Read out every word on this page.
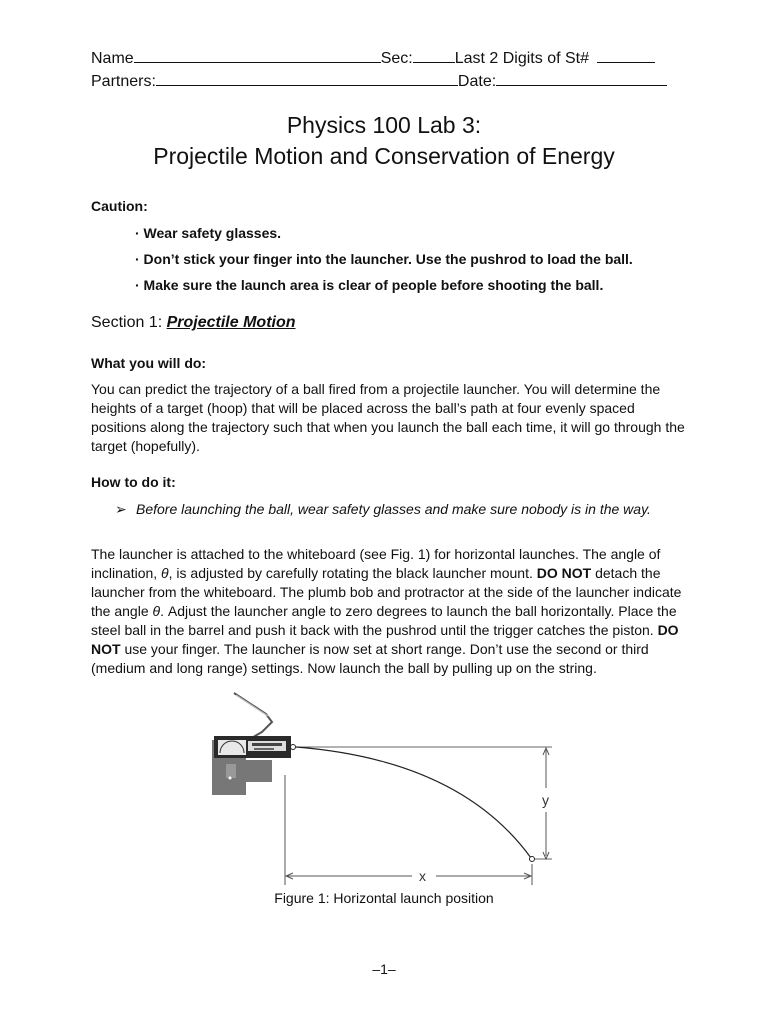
Name	Sec:	Last 2 Digits of St#
Partners:	Date:
Physics 100 Lab 3:
Projectile Motion and Conservation of Energy
Caution:
· Wear safety glasses.
· Don’t stick your finger into the launcher. Use the pushrod to load the ball.
· Make sure the launch area is clear of people before shooting the ball.
Section 1: Projectile Motion
What you will do:
You can predict the trajectory of a ball fired from a projectile launcher. You will determine the heights of a target (hoop) that will be placed across the ball’s path at four evenly spaced positions along the trajectory such that when you launch the ball each time, it will go through the target (hopefully).
How to do it:
➢ Before launching the ball, wear safety glasses and make sure nobody is in the way.
The launcher is attached to the whiteboard (see Fig. 1) for horizontal launches. The angle of inclination, θ, is adjusted by carefully rotating the black launcher mount. DO NOT detach the launcher from the whiteboard. The plumb bob and protractor at the side of the launcher indicate the angle θ. Adjust the launcher angle to zero degrees to launch the ball horizontally. Place the steel ball in the barrel and push it back with the pushrod until the trigger catches the piston. DO NOT use your finger. The launcher is now set at short range. Don’t use the second or third (medium and long range) settings. Now launch the ball by pulling up on the string.
y
x
Figure 1: Horizontal launch position
–1–
